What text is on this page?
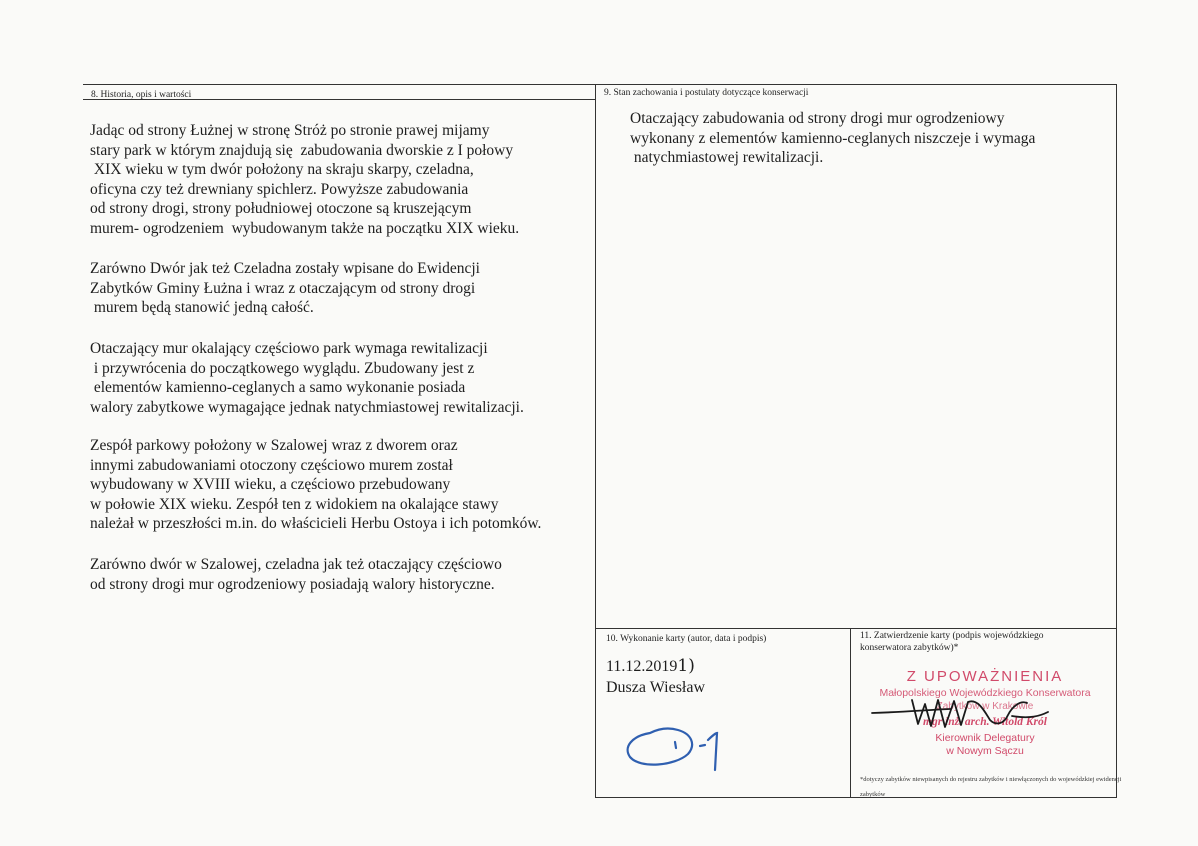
8. Historia, opis i wartości

Jadąc od strony Łużnej w stronę Stróż po stronie prawej mijamy
stary park w którym znajdują się  zabudowania dworskie z I połowy
XIX wieku w tym dwór położony na skraju skarpy, czeladna,
oficyna czy też drewniany spichlerz. Powyższe zabudowania
od strony drogi, strony południowej otoczone są kruszejącym
murem- ogrodzeniem  wybudowanym także na początku XIX wieku.

Zarówno Dwór jak też Czeladna zostały wpisane do Ewidencji
Zabytków Gminy Łużna i wraz z otaczającym od strony drogi
murem będą stanowić jedną całość.

Otaczający mur okalający częściowo park wymaga rewitalizacji
i przywrócenia do początkowego wyglądu. Zbudowany jest z
elementów kamienno-ceglanych a samo wykonanie posiada
walory zabytkowe wymagające jednak natychmiastowej rewitalizacji.

Zespół parkowy położony w Szalowej wraz z dworem oraz
innymi zabudowaniami otoczony częściowo murem został
wybudowany w XVIII wieku, a częściowo przebudowany
w połowie XIX wieku. Zespół ten z widokiem na okalające stawy
należał w przeszłości m.in. do właścicieli Herbu Ostoya i ich potomków.

Zarówno dwór w Szalowej, czeladna jak też otaczający częściowo
od strony drogi mur ogrodzeniowy posiadają walory historyczne.

9. Stan zachowania i postulaty dotyczące konserwacji

Otaczający zabudowania od strony drogi mur ogrodzeniowy
wykonany z elementów kamienno-ceglanych niszczeje i wymaga
natychmiastowej rewitalizacji.

10. Wykonanie karty (autor, data i podpis)
11.12.20191)
Dusza Wiesław
11. Zatwierdzenie karty (podpis wojewódzkiego
konserwatora zabytków)*
Z UPOWAŻNIENIA
Małopolskiego Wojewódzkiego Konserwatora
Zabytków w Krakowie
mgr inż. arch. Witold Król
Kierownik Delegatury
w Nowym Sączu
*dotyczy zabytków niewpisanych do rejestru zabytków i niewłączonych do wojewódzkiej ewidencji zabytków
